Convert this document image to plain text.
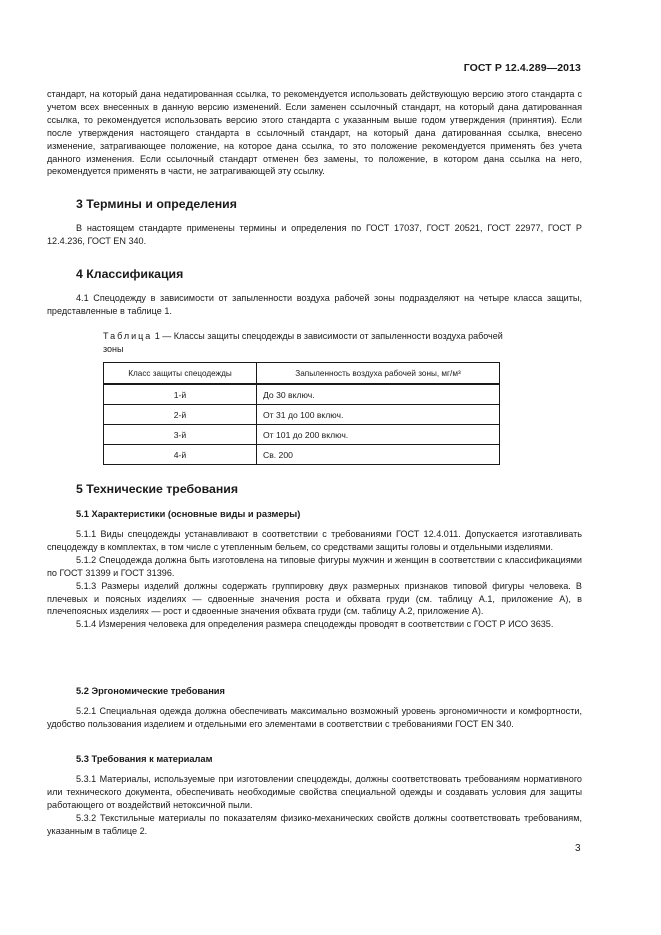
ГОСТ Р 12.4.289—2013

стандарт, на который дана недатированная ссылка, то рекомендуется использовать действующую версию этого стандарта с учетом всех внесенных в данную версию изменений. Если заменен ссылочный стандарт, на который дана датированная ссылка, то рекомендуется использовать версию этого стандарта с указанным выше годом утверждения (принятия). Если после утверждения настоящего стандарта в ссылочный стандарт, на который дана датированная ссылка, внесено изменение, затрагивающее положение, на которое дана ссылка, то это положение рекомендуется применять без учета данного изменения. Если ссылочный стандарт отменен без замены, то положение, в котором дана ссылка на него, рекомендуется применять в части, не затрагивающей эту ссылку.

3 Термины и определения

В настоящем стандарте применены термины и определения по ГОСТ 17037, ГОСТ 20521, ГОСТ 22977, ГОСТ Р 12.4.236, ГОСТ EN 340.

4 Классификация

4.1 Спецодежду в зависимости от запыленности воздуха рабочей зоны подразделяют на четыре класса защиты, представленные в таблице 1.

Таблица 1 — Классы защиты спецодежды в зависимости от запыленности воздуха рабочей зоны
Класс защиты спецодежды	Запыленность воздуха рабочей зоны, мг/м³
1-й	До 30 включ.
2-й	От 31 до 100 включ.
3-й	От 101 до 200 включ.
4-й	Св. 200
5 Технические требования
5.1 Характеристики (основные виды и размеры)

5.1.1 Виды спецодежды устанавливают в соответствии с требованиями ГОСТ 12.4.011. Допускается изготавливать спецодежду в комплектах, в том числе с утепленным бельем, со средствами защиты головы и отдельными изделиями.

5.1.2 Спецодежда должна быть изготовлена на типовые фигуры мужчин и женщин в соответствии с классификациями по ГОСТ 31399 и ГОСТ 31396.

5.1.3 Размеры изделий должны содержать группировку двух размерных признаков типовой фигуры человека. В плечевых и поясных изделиях — сдвоенные значения роста и обхвата груди (см. таблицу А.1, приложение А), в плечепоясных изделиях — рост и сдвоенные значения обхвата груди (см. таблицу А.2, приложение А).

5.1.4 Измерения человека для определения размера спецодежды проводят в соответствии с ГОСТ Р ИСО 3635.

5.2 Эргономические требования

5.2.1 Специальная одежда должна обеспечивать максимально возможный уровень эргономичности и комфортности, удобство пользования изделием и отдельными его элементами в соответствии с требованиями ГОСТ EN 340.

5.3 Требования к материалам

5.3.1 Материалы, используемые при изготовлении спецодежды, должны соответствовать требованиям нормативного или технического документа, обеспечивать необходимые свойства специальной одежды и создавать условия для защиты работающего от воздействий нетоксичной пыли.

5.3.2 Текстильные материалы по показателям физико-механических свойств должны соответствовать требованиям, указанным в таблице 2.

3
